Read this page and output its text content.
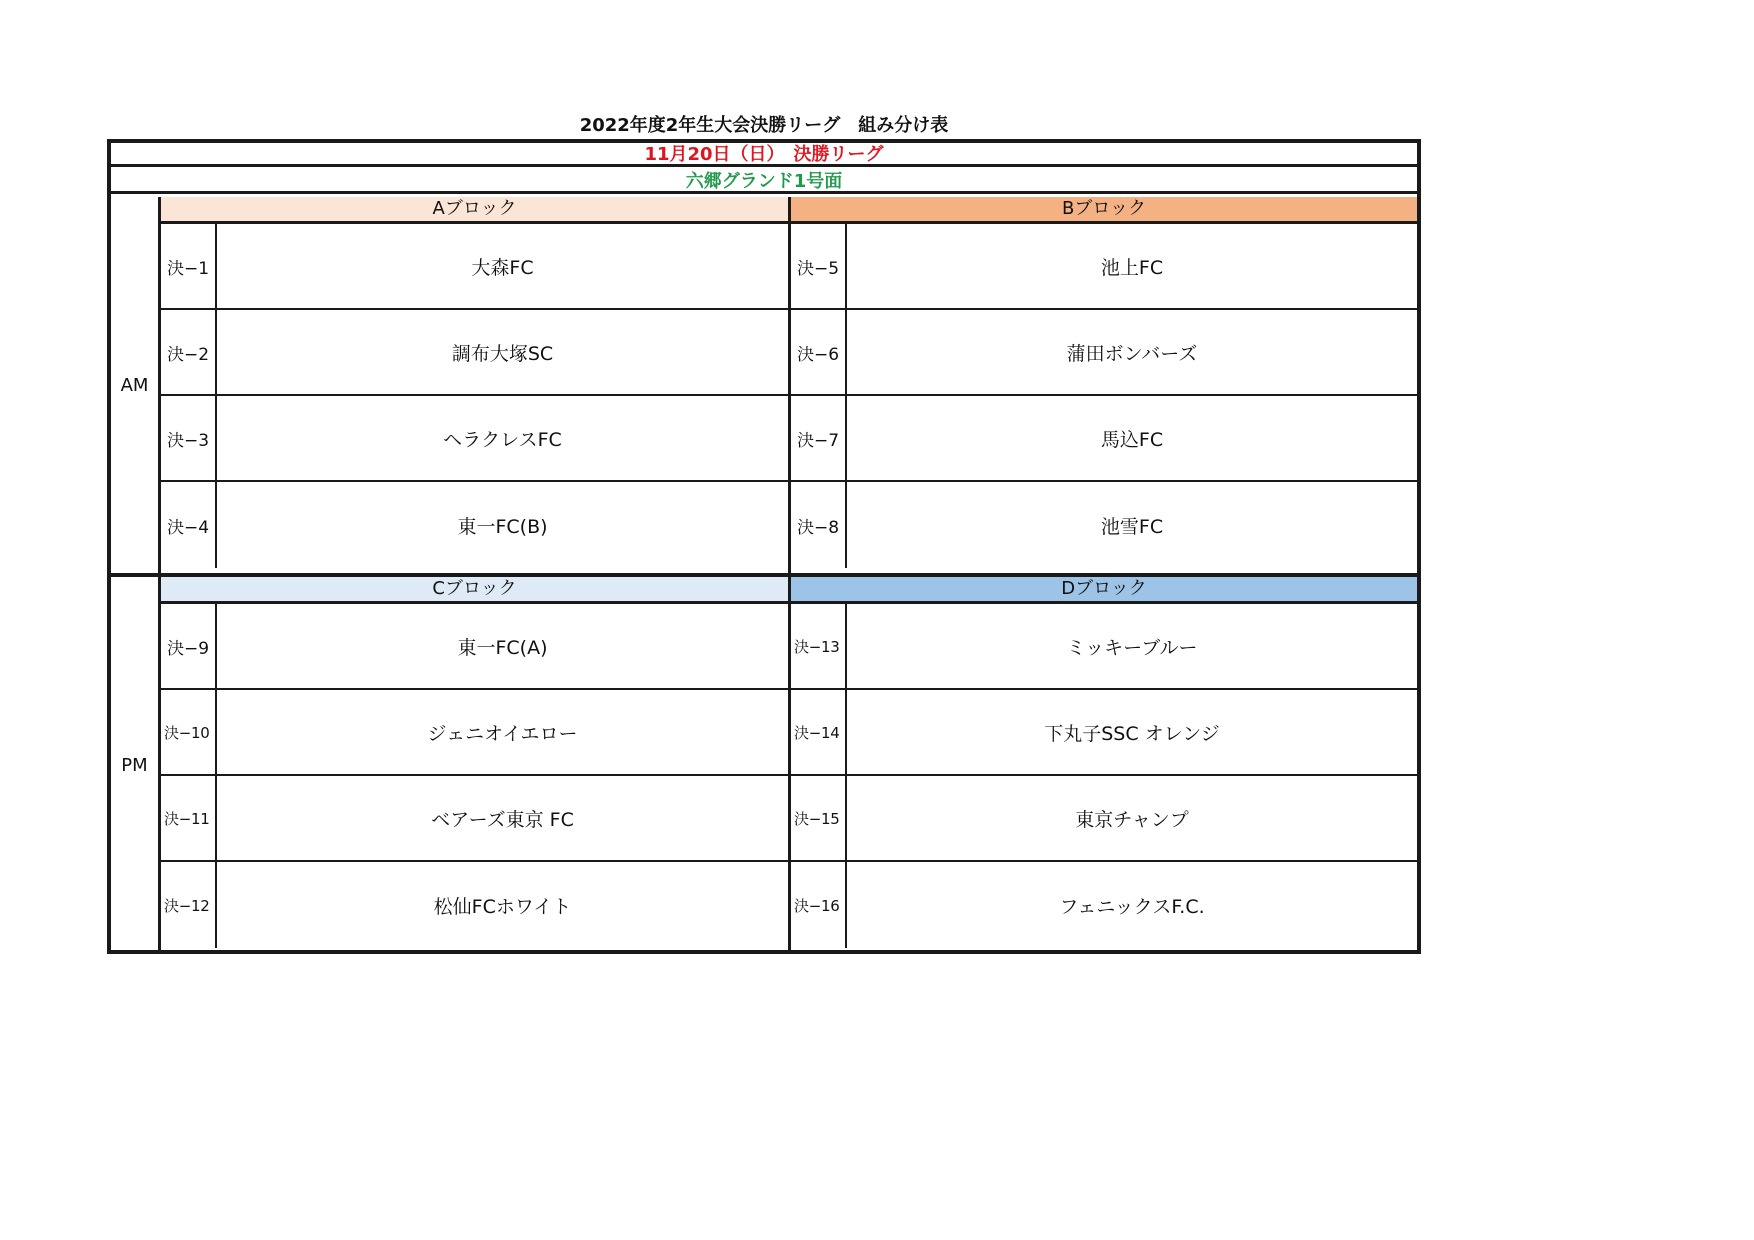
2022年度2年生大会決勝リーグ　組み分け表
11月20日（日）　決勝リーグ
六郷グランド1号面
AM
Aブロック
決−1	大森FC
決−2	調布大塚SC
決−3	ヘラクレスFC
決−4	東一FC(B)
Bブロック
決−5	池上FC
決−6	蒲田ボンバーズ
決−7	馬込FC
決−8	池雪FC
PM
Cブロック
決−9	東一FC(A)
決−10	ジェニオイエロー
決−11	ベアーズ東京 FC
決−12	松仙FCホワイト
Dブロック
決−13	ミッキーブルー
決−14	下丸子SSC オレンジ
決−15	東京チャンプ
決−16	フェニックスF.C.
